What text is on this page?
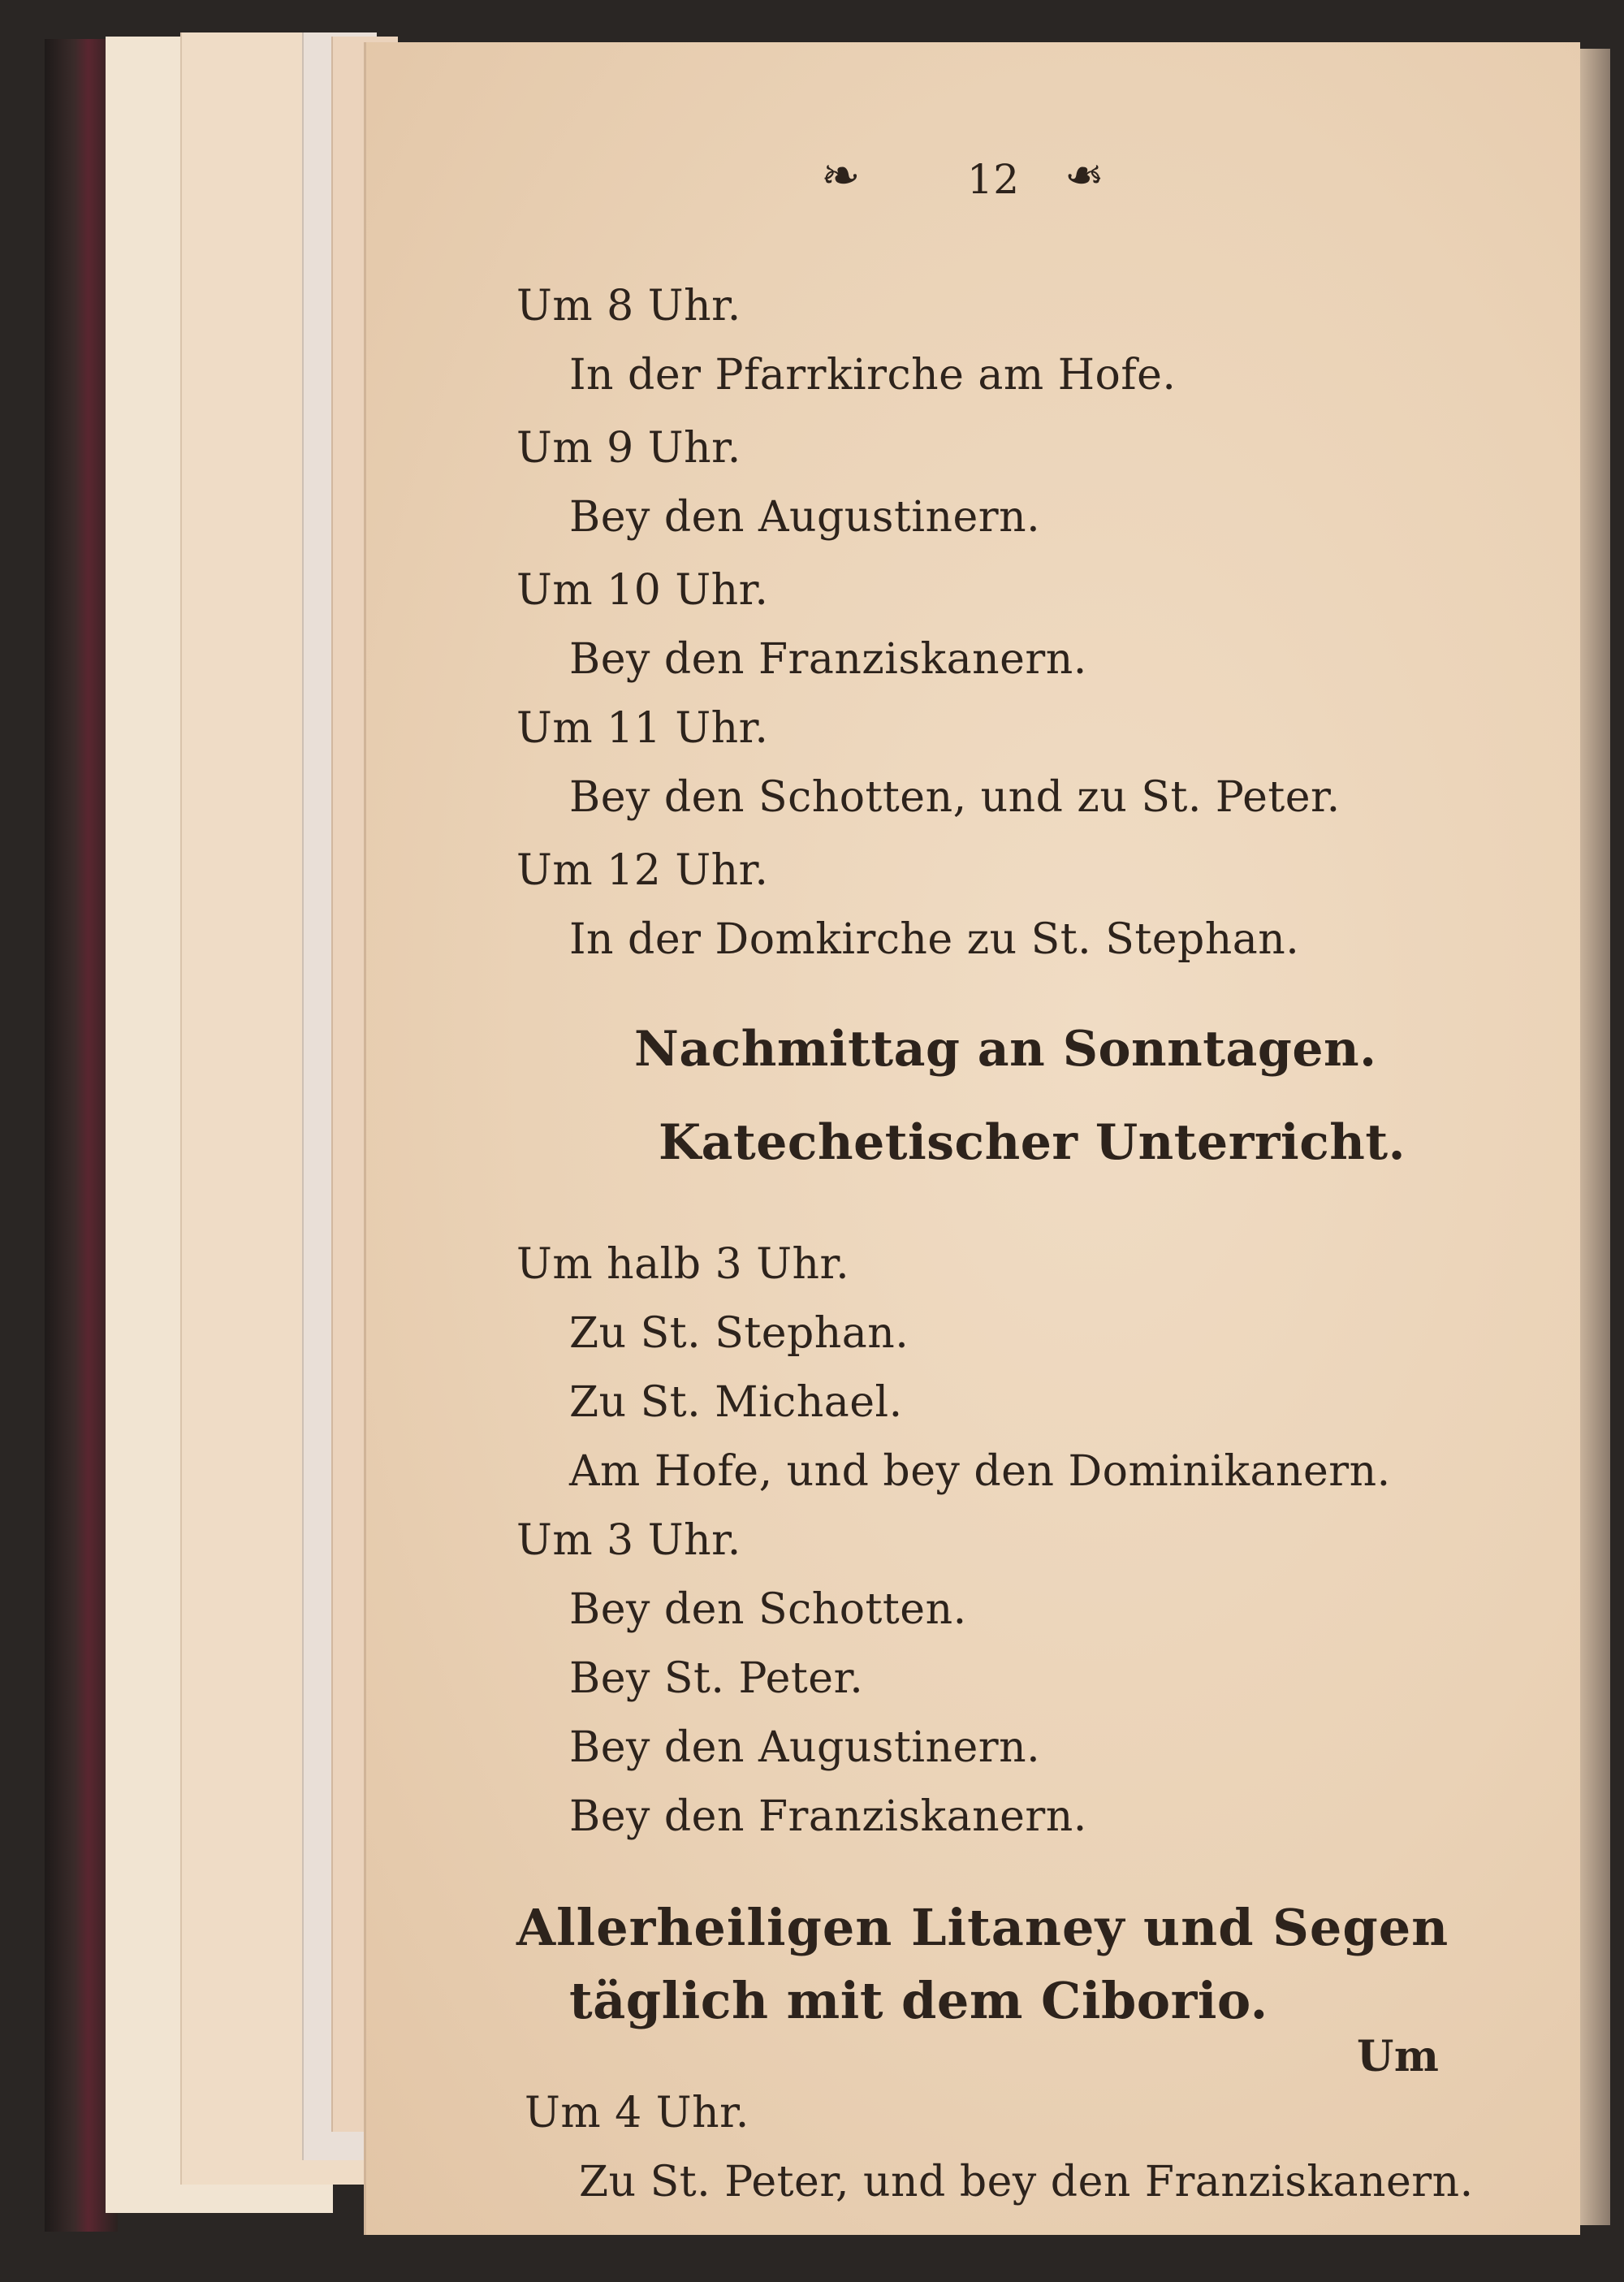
❧	❧
12
Um 8 Uhr.
In der Pfarrkirche am Hofe.
Um 9 Uhr.
Bey den Augustinern.
Um 10 Uhr.
Bey den Franziskanern.
Um 11 Uhr.
Bey den Schotten, und zu St. Peter.
Um 12 Uhr.
In der Domkirche zu St. Stephan.
Nachmittag an Sonntagen.
Katechetischer Unterricht.
Um halb 3 Uhr.
Zu St. Stephan.
Zu St. Michael.
Am Hofe, und bey den Dominikanern.
Um 3 Uhr.
Bey den Schotten.
Bey St. Peter.
Bey den Augustinern.
Bey den Franziskanern.
Allerheiligen Litaney und Segen
täglich mit dem Ciborio.
Um 4 Uhr.
Zu St. Peter, und bey den Franziskanern.
Um
